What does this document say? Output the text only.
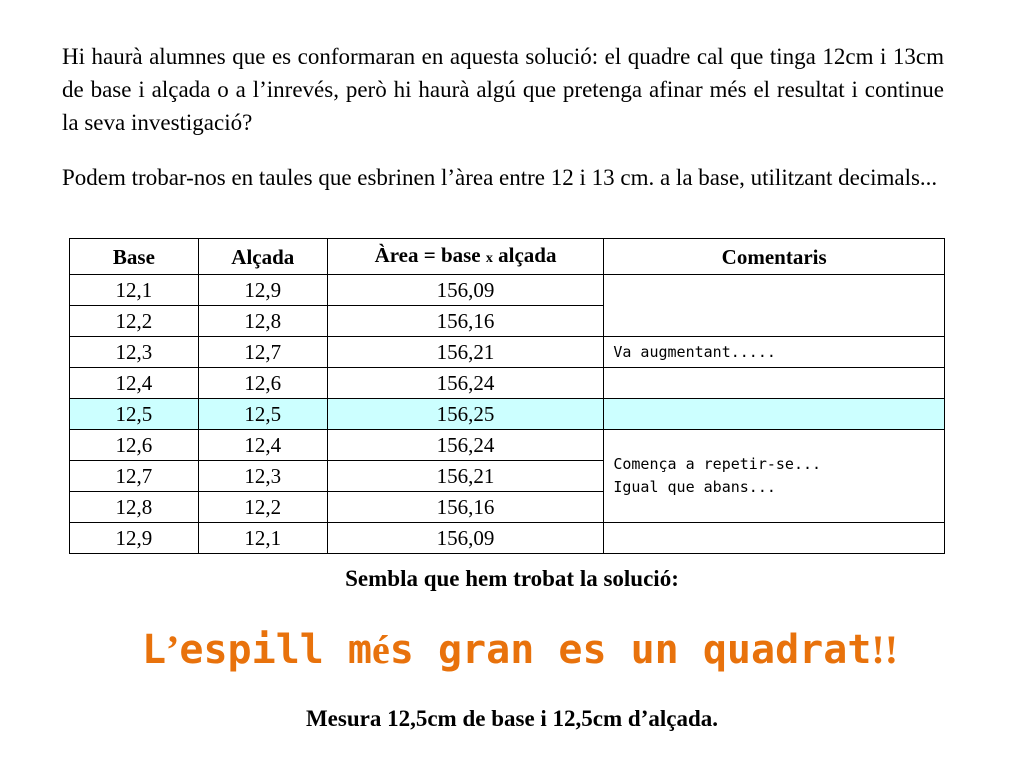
Hi haurà alumnes que es conformaran en aquesta solució: el quadre cal que tinga 12cm i 13cm de base i alçada o a l’inrevés, però hi haurà algú que pretenga afinar més el resultat i continue la seva investigació?

Podem trobar-nos en taules que esbrinen l’àrea entre 12 i 13 cm. a la base, utilitzant decimals...

Base	Alçada	Àrea = base x alçada	Comentaris
12,1	12,9	156,09	
12,2	12,8	156,16	
12,3	12,7	156,21	Va augmentant.....
12,4	12,6	156,24	
12,5	12,5	156,25	
12,6	12,4	156,24	Comença a repetir-se...
Igual que abans...

12,7	12,3	156,21	
12,8	12,2	156,16	
12,9	12,1	156,09	

Sembla que hem trobat la solució:

L’espill més gran es un quadrat!!

Mesura 12,5cm de base i 12,5cm d’alçada.
